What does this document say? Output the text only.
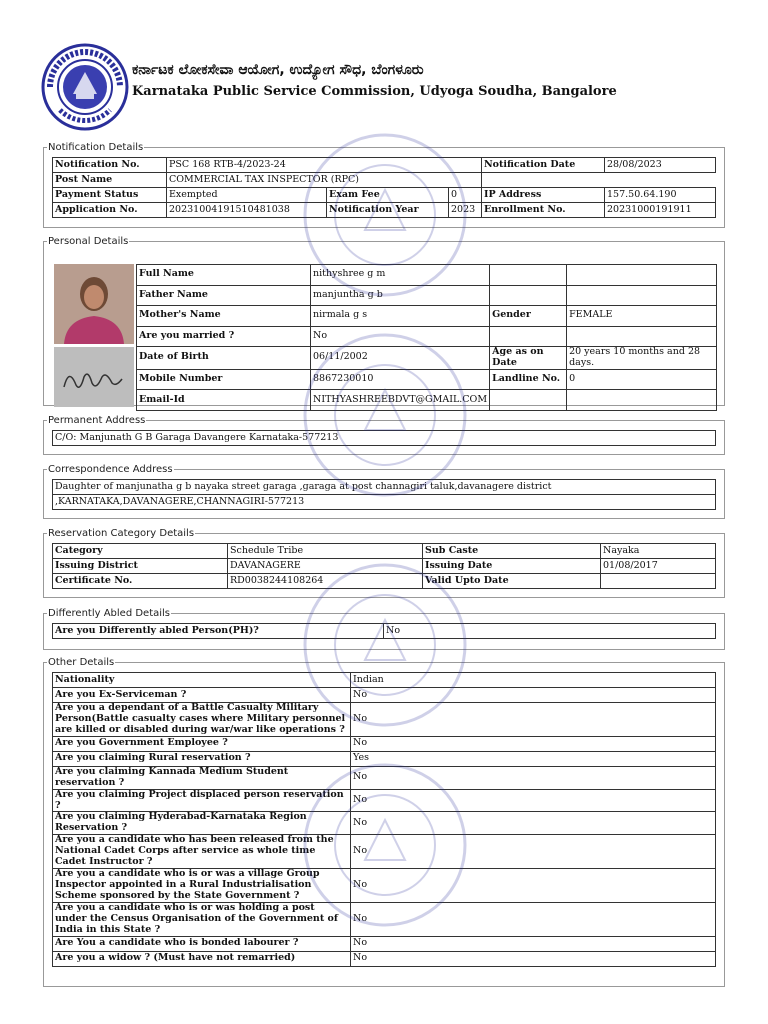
ಕರ್ನಾಟಕ ಲೋಕಸೇವಾ ಆಯೋಗ, ಉದ್ಯೋಗ ಸೌಧ, ಬೆಂಗಳೂರು
Karnataka Public Service Commission, Udyoga Soudha, Bangalore
Notification Details
Notification No.	PSC 168 RTB-4/2023-24			Notification Date	28/08/2023
Post Name	COMMERCIAL TAX INSPECTOR (RPC)				
Payment Status	Exempted	Exam Fee	0	IP Address	157.50.64.190
Application No.	20231004191510481038	Notification Year	2023	Enrollment No.	20231000191911
Personal Details
Full Name	nithyshree g m		
Father Name	manjuntha g b		
Mother's Name	nirmala g s	Gender	FEMALE
Are you married ?	No		
Date of Birth	06/11/2002	Age as on Date	20 years 10 months and 28 days.
Mobile Number	8867230010	Landline No.	0
Email-Id	NITHYASHREEBDVT@GMAIL.COM		
Permanent Address
C/O: Manjunath G B Garaga Davangere Karnataka-577213
Correspondence Address
Daughter of manjunatha g b nayaka street garaga ,garaga at post channagiri taluk,davanagere district
,KARNATAKA,DAVANAGERE,CHANNAGIRI-577213
Reservation Category Details
Category	Schedule Tribe	Sub Caste	Nayaka
Issuing District	DAVANAGERE	Issuing Date	01/08/2017
Certificate No.	RD0038244108264	Valid Upto Date	
Differently Abled Details
Are you Differently abled Person(PH)?	No
Other Details
Nationality	Indian
Are you Ex-Serviceman ?	No
Are you a dependant of a Battle Casualty Military Person(Battle casualty cases where Military personnel are killed or disabled during war/war like operations ?	No
Are you Government Employee ?	No
Are you claiming Rural reservation ?	Yes
Are you claiming Kannada Medium Student reservation ?	No
Are you claiming Project displaced person reservation ?	No
Are you claiming Hyderabad-Karnataka Region Reservation ?	No
Are you a candidate who has been released from the National Cadet Corps after service as whole time Cadet Instructor ?	No
Are you a candidate who is or was a village Group Inspector appointed in a Rural Industrialisation Scheme sponsored by the State Government ?	No
Are you a candidate who is or was holding a post under the Census Organisation of the Government of India in this State ?	No
Are You a candidate who is bonded labourer ?	No
Are you a widow ? (Must have not remarried)	No
